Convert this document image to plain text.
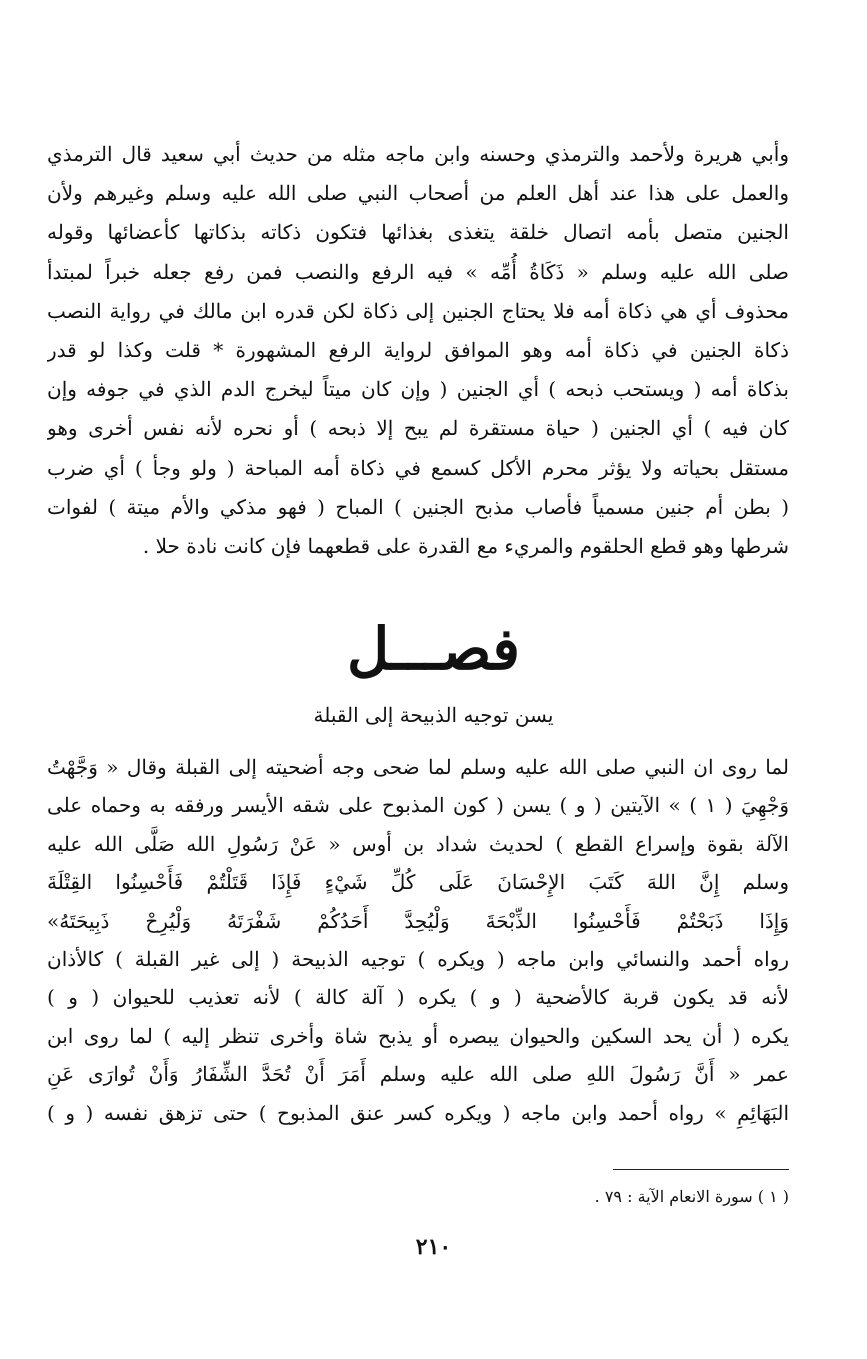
وأبي هريرة ولأحمد والترمذي وحسنه وابن ماجه مثله من حديث أبي سعيد قال الترمذي
والعمل على هذا عند أهل العلم من أصحاب النبي صلى الله عليه وسلم وغيرهم ولأن
الجنين متصل بأمه اتصال خلقة يتغذى بغذائها فتكون ذكاته بذكاتها كأعضائها وقوله
صلى الله عليه وسلم « ذَكَاةُ أُمِّه » فيه الرفع والنصب فمن رفع جعله خبراً لمبتدأ
محذوف أي هي ذكاة أمه فلا يحتاج الجنين إلى ذكاة لكن قدره ابن مالك في رواية النصب
ذكاة الجنين في ذكاة أمه وهو الموافق لرواية الرفع المشهورة * قلت وكذا لو قدر
بذكاة أمه ( ويستحب ذبحه ) أي الجنين ( وإن كان ميتاً ليخرج الدم الذي في جوفه وإن
كان فيه ) أي الجنين ( حياة مستقرة لم يبح إلا ذبحه ) أو نحره لأنه نفس أخرى وهو
مستقل بحياته ولا يؤثر محرم الأكل كسمع في ذكاة أمه المباحة ( ولو وجأ ) أي ضرب
( بطن أم جنين مسمياً فأصاب مذبح الجنين ) المباح ( فهو مذكي والأم ميتة ) لفوات
شرطها وهو قطع الحلقوم والمريء مع القدرة على قطعهما فإن كانت نادة حلا .
فصـــل
يسن توجيه الذبيحة إلى القبلة
لما روى ان النبي صلى الله عليه وسلم لما ضحى وجه أضحيته إلى القبلة وقال « وَجَّهْتُ
وَجْهِيَ ( ١ ) » الآيتين ( و ) يسن ( كون المذبوح على شقه الأيسر ورفقه به وحماه على
الآلة بقوة وإسراع القطع ) لحديث شداد بن أوس « عَنْ رَسُولِ الله صَلَّى الله عليه
وسلم إِنَّ اللهَ كَتَبَ الإِحْسَانَ عَلَى كُلِّ شَيْءٍ فَإِذَا قَتَلْتُمْ فَأَحْسِنُوا القِتْلَةَ
وَإِذَا ذَبَحْتُمْ فَأَحْسِنُوا الذِّبْحَةَ وَلْيُحِدَّ أَحَدُكُمْ شَفْرَتَهُ وَلْيُرِحْ ذَبِيحَتَهُ»
رواه أحمد والنسائي وابن ماجه ( ويكره ) توجيه الذبيحة ( إلى غير القبلة ) كالأذان
لأنه قد يكون قربة كالأضحية ( و ) يكره ( آلة كالة ) لأنه تعذيب للحيوان ( و )
يكره ( أن يحد السكين والحيوان يبصره أو يذبح شاة وأخرى تنظر إليه ) لما روى ابن
عمر « أَنَّ رَسُولَ اللهِ صلى الله عليه وسلم أَمَرَ أَنْ تُحَدَّ الشِّفَارُ وَأَنْ تُوارَى عَنِ
البَهَائِمِ » رواه أحمد وابن ماجه ( ويكره كسر عنق المذبوح ) حتى تزهق نفسه ( و )
( ١ ) سورة الانعام الآية : ٧٩ .
٢١٠
